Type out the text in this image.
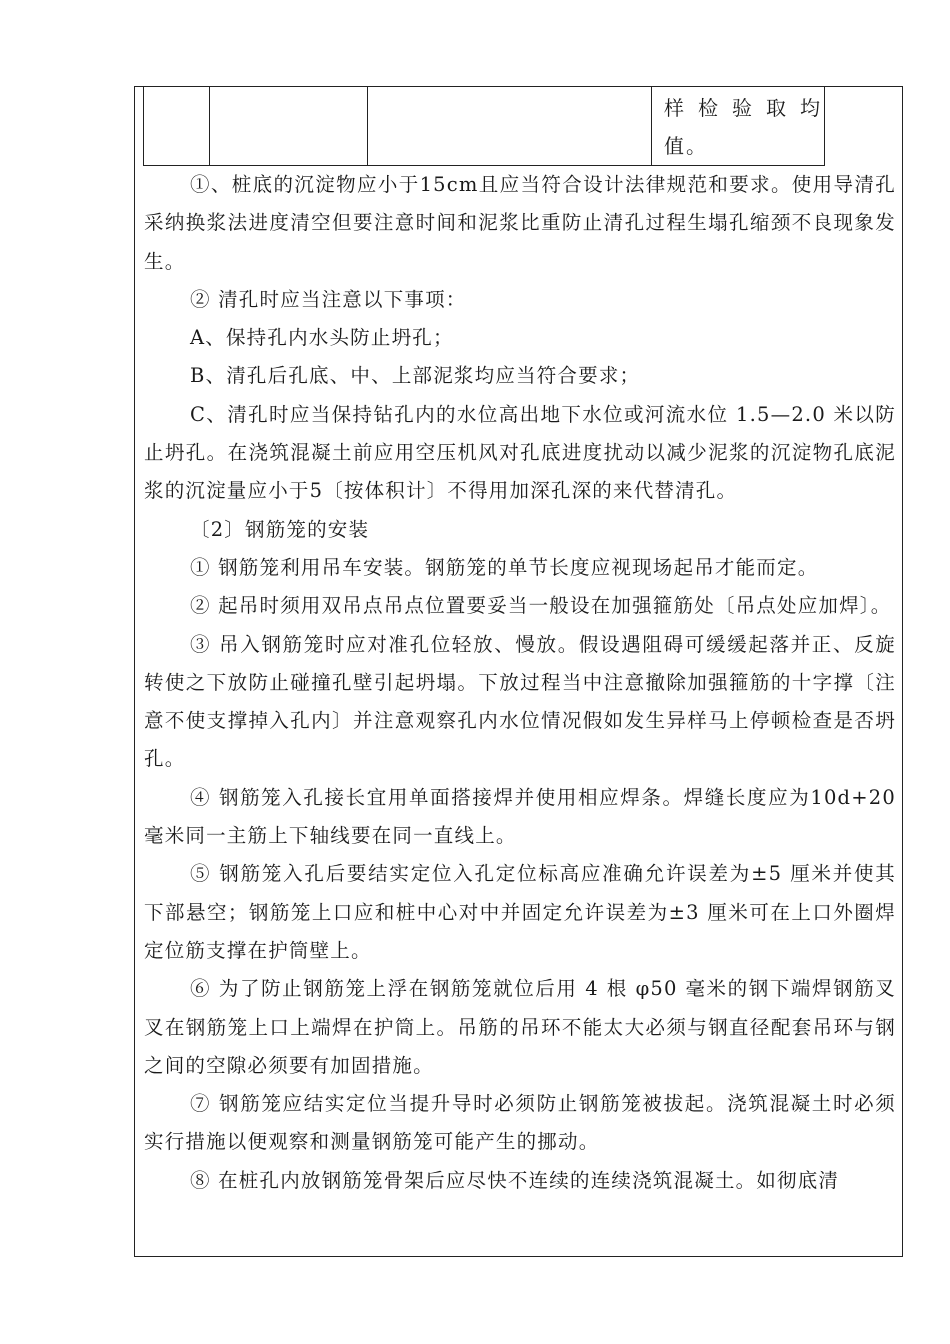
样检验取均
值。

①、桩底的沉淀物应小于15cm且应当符合设计法律规范和要求。使用导清孔采纳换浆法进度清空但要注意时间和泥浆比重防止清孔过程生塌孔缩颈不良现象发生。

② 清孔时应当注意以下事项：

A、保持孔内水头防止坍孔；

B、清孔后孔底、中、上部泥浆均应当符合要求；

C、清孔时应当保持钻孔内的水位高出地下水位或河流水位 1.5—2.0 米以防止坍孔。在浇筑混凝土前应用空压机风对孔底进度扰动以减少泥浆的沉淀物孔底泥浆的沉淀量应小于5〔按体积计〕不得用加深孔深的来代替清孔。

〔2〕钢筋笼的安装

① 钢筋笼利用吊车安装。钢筋笼的单节长度应视现场起吊才能而定。

② 起吊时须用双吊点吊点位置要妥当一般设在加强箍筋处〔吊点处应加焊〕。

③ 吊入钢筋笼时应对准孔位轻放、慢放。假设遇阻碍可缓缓起落并正、反旋转使之下放防止碰撞孔壁引起坍塌。下放过程当中注意撤除加强箍筋的十字撑〔注意不使支撑掉入孔内〕并注意观察孔内水位情况假如发生异样马上停顿检查是否坍孔。

④ 钢筋笼入孔接长宜用单面搭接焊并使用相应焊条。焊缝长度应为10d+20 毫米同一主筋上下轴线要在同一直线上。

⑤ 钢筋笼入孔后要结实定位入孔定位标高应准确允许误差为±5 厘米并使其下部悬空；钢筋笼上口应和桩中心对中并固定允许误差为±3 厘米可在上口外圈焊定位筋支撑在护筒壁上。

⑥ 为了防止钢筋笼上浮在钢筋笼就位后用 4 根 φ50 毫米的钢下端焊钢筋叉叉在钢筋笼上口上端焊在护筒上。吊筋的吊环不能太大必须与钢直径配套吊环与钢之间的空隙必须要有加固措施。

⑦ 钢筋笼应结实定位当提升导时必须防止钢筋笼被拔起。浇筑混凝土时必须实行措施以便观察和测量钢筋笼可能产生的挪动。

⑧ 在桩孔内放钢筋笼骨架后应尽快不连续的连续浇筑混凝土。如彻底清
